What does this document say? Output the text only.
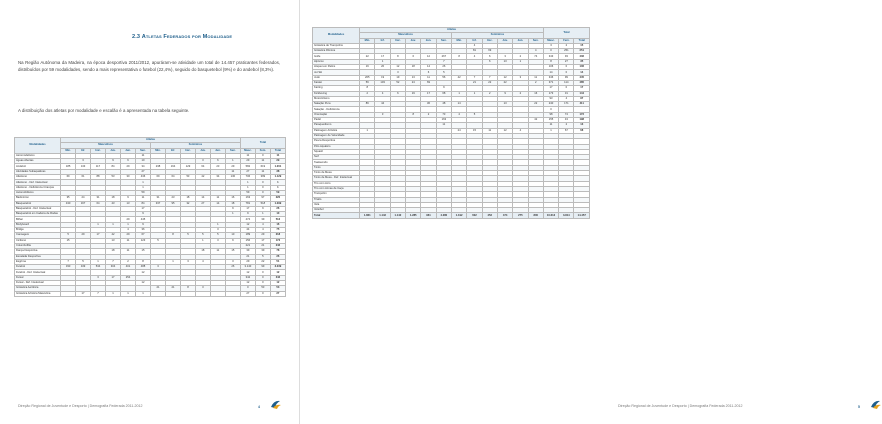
2.3 Atletas Federados por Modalidade

Na Região Autónoma da Madeira, na época desportiva 2011/2012, apuráram-se atividade um total de 14.457 praticantes federados, distribuídos por 59 modalidades, sendo a mais representativa o futebol (22,4%), seguido do basquetebol (9%) e do andebol (8,3%).

A distribuição dos atletas por modalidade e escalão é a apresentada na tabela seguinte.

Modalidades	Atletas												Total		
	Masculinos						Femininos								
	Min.	Inf.	Inic.	Juv.	Jun.	Sen.	Min.	Inf.	Inic.	Juv.	Jun.	Sen.	Masc.	Fem.	Total
Aeromodelismo						11							11	0	11
Águas Abertas		3		9	6	10				3	6	1	29	11	29
Andebol	185	133	117	84	29	34	238	164	129	64	23	29	582	619	1.201
Atividades Subaquáticas						27						11	27	11	38
Atletismo	69	61	88	53	30	436	69	64	53	42	34	130	706	399	1.129
Atletismo - Def. Intelectual						1							1	0	1
Atletismo - Deficiência Crianças						1							1	0	1
Automobilismo						59							59	0	59
Badminton	35	24	31	18	9	11	31	23	18	14	11	16	163	97	220
Basquetebol	430	167	64	43	13	84	337	95	32	27	14	18	781	518	1.299
Basquetebol - Def. Intelectual						17						9	17	9	26
Basquetebol em Cadeira de Rodas						9						1	9	1	10
Bilhar					29	445							474	39	513
Bodyboard			1	1	1	9					1		12	4	16
Bridge					4	36					3		44	4	75
Canoagem	5	29	17	42	29	67		8	5	5	5	10	189	29	218
Ciclismo	15			13	11	123	5			1	3	9	156	17	173
Columbofilia													221	21	242
Dança Desportiva				18	11	15				18	11	15	39	39	78
Escalada Desportiva													21	5	26
Esgrima	7	5	1	7	2	8		1	3	4		3	29	22	51
Futebol	333	439	534	304	401	488	3					26	3.140	99	3.239
Futebol - Def. Intelectual						12							12	0	12
Futsal			3	17	254								342	0	342
Futsal - Def. Intelectual						12							12	0	12
Ginástica Aeróbica							21	21	8	3			0	53	53
Ginástica Artística Masculina		17	7	1	1	1							27	0	27
Direção Regional de Juventude e Desporto | Demografia Federada 2011-2012	4
Modalidades	Atletas												Total		
	Masculinos						Femininos								
	Min.	Inf.	Inic.	Juv.	Jun.	Sen.	Min.	Inf.	Inic.	Juv.	Jun.	Sen.	Masc.	Fem.	Total
Ginástica de Trampolins								4					3	2	15
Ginástica Rítmica								81	69			4	0	251	251
Golfe	22	17	8	6	12	267	8	4	6	3	2	74	343	93	436
Hipismo		1				7			6	13	1		8	27	35
Hóquei em Patins	16	20	12	18	14	26							106	0	106
Jet Ski			3		6	5							14	0	14
Judo	205	19	19	13	11	56	42	7	7	12	3	11	346	99	445
Karaté	56	103	52	24	69			21	22	22		2	371	114	485
Karting	8					9							17	0	17
Kickboxing	2	4	6	19	17	68	1	1	2	9	2	16	173	31	144
Motociclismo													93	4	97
Natação Pura	86	44			36	48	14			13		22	240	171	411
Natação - Deficiência													0		
Orientação		3		8	2	73	4	5					98	74	172
Padel						163						42	155	43	198
Paraquedismo						11							11	2	13
Patinagem Artística	1						24	15	11	12	4		1	67	68
Patinagem de Velocidade															
Pesca Desportiva															
Pólo Aquático															
Squash															
Surf															
Taekwondo															
Ténis															
Ténis de Mesa															
Ténis de Mesa - Def. Intelectual															
Tiro com Arco															
Tiro com Armas de Caça															
Trampolim															
Triatlo															
Vela															
Voleibol															
Total	1.861	1.143	1.142	1.285	961	4.280	1.192	602	452	474	275	800	10.613	3.814	14.457
Direção Regional de Juventude e Desporto | Demografia Federada 2011-2012	5
